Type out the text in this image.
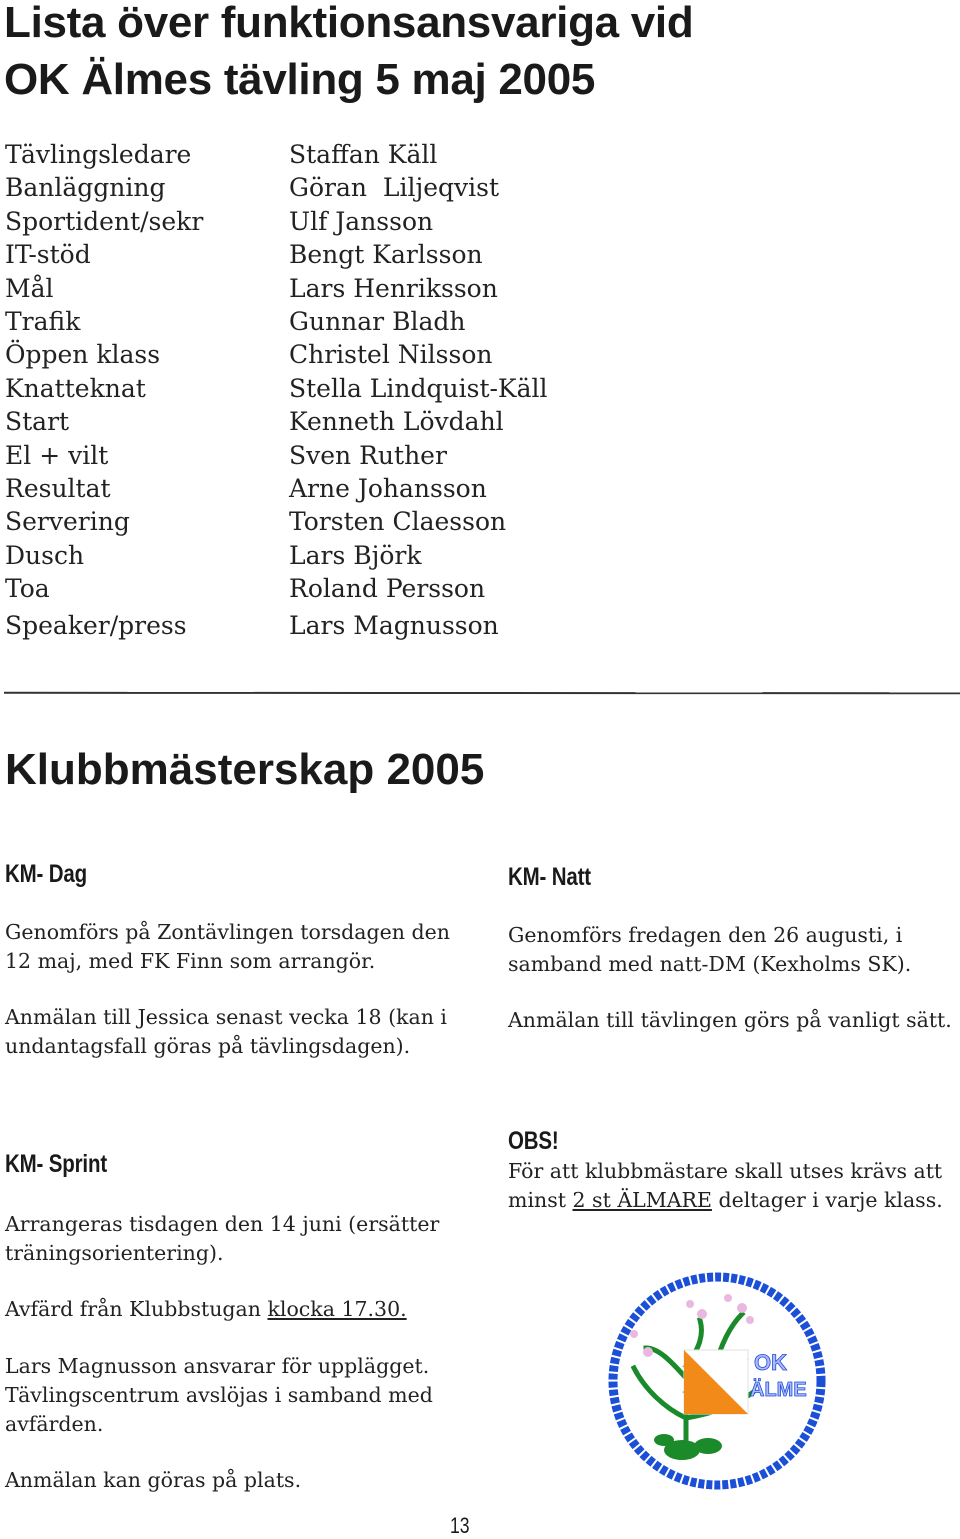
Lista över funktionsansvariga vid
OK Älmes tävling 5 maj 2005
Tävlingsledare
Banläggning
Sportident/sekr
IT-stöd
Mål
Trafik
Öppen klass
Knatteknat
Start
El + vilt
Resultat
Servering
Dusch
Toa
Speaker/press
Staffan Käll
Göran  Liljeqvist
Ulf Jansson
Bengt Karlsson
Lars Henriksson
Gunnar Bladh
Christel Nilsson
Stella Lindquist-Käll
Kenneth Lövdahl
Sven Ruther
Arne Johansson
Torsten Claesson
Lars Björk
Roland Persson
Lars Magnusson
Klubbmästerskap 2005
KM- Dag

Genomförs på Zontävlingen torsdagen den 12 maj, med FK Finn som arrangör.

Anmälan till Jessica senast vecka 18 (kan i undantagsfall göras på tävlingsdagen).

KM- Natt

Genomförs fredagen den 26 augusti, i samband med natt-DM (Kexholms SK).

Anmälan till tävlingen görs på vanligt sätt.

KM- Sprint

Arrangeras tisdagen den 14 juni (ersätter träningsorientering).

Avfärd från Klubbstugan klocka 17.30.

Lars Magnusson ansvarar för upplägget. Tävlingscentrum avslöjas i samband med avfärden.

Anmälan kan göras på plats.

OBS!

För att klubbmästare skall utses krävs att minst 2 st ÄLMARE deltager i varje klass.

OK
ÄLME
13
